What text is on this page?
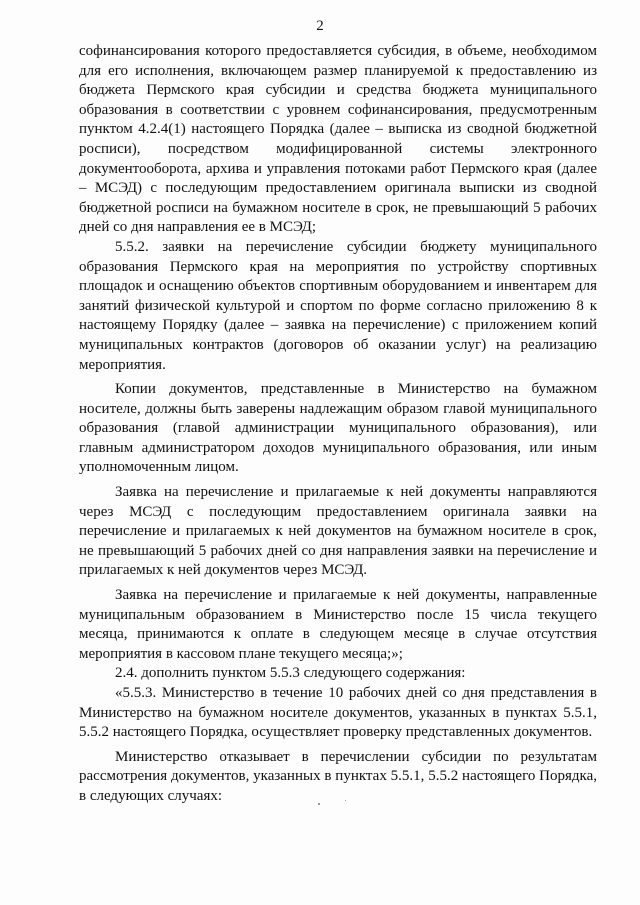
2

софинансирования которого предоставляется субсидия, в объеме, необходимом для его исполнения, включающем размер планируемой к предоставлению из бюджета Пермского края субсидии и средства бюджета муниципального образования в соответствии с уровнем софинансирования, предусмотренным пунктом 4.2.4(1) настоящего Порядка (далее – выписка из сводной бюджетной росписи), посредством модифицированной системы электронного документооборота, архива и управления потоками работ Пермского края (далее – МСЭД) с последующим предоставлением оригинала выписки из сводной бюджетной росписи на бумажном носителе в срок, не превышающий 5 рабочих дней со дня направления ее в МСЭД;

5.5.2. заявки на перечисление субсидии бюджету муниципального образования Пермского края на мероприятия по устройству спортивных площадок и оснащению объектов спортивным оборудованием и инвентарем для занятий физической культурой и спортом по форме согласно приложению 8 к настоящему Порядку (далее – заявка на перечисление) с приложением копий муниципальных контрактов (договоров об оказании услуг) на реализацию мероприятия.

Копии документов, представленные в Министерство на бумажном носителе, должны быть заверены надлежащим образом главой муниципального образования (главой администрации муниципального образования), или главным администратором доходов муниципального образования, или иным уполномоченным лицом.

Заявка на перечисление и прилагаемые к ней документы направляются через МСЭД с последующим предоставлением оригинала заявки на перечисление и прилагаемых к ней документов на бумажном носителе в срок, не превышающий 5 рабочих дней со дня направления заявки на перечисление и прилагаемых к ней документов через МСЭД.

Заявка на перечисление и прилагаемые к ней документы, направленные муниципальным образованием в Министерство после 15 числа текущего месяца, принимаются к оплате в следующем месяце в случае отсутствия мероприятия в кассовом плане текущего месяца;»;

2.4. дополнить пунктом 5.5.3 следующего содержания:

«5.5.3. Министерство в течение 10 рабочих дней со дня представления в Министерство на бумажном носителе документов, указанных в пунктах 5.5.1, 5.5.2 настоящего Порядка, осуществляет проверку представленных документов.

Министерство отказывает в перечислении субсидии по результатам рассмотрения документов, указанных в пунктах 5.5.1, 5.5.2 настоящего Порядка, в следующих случаях:
